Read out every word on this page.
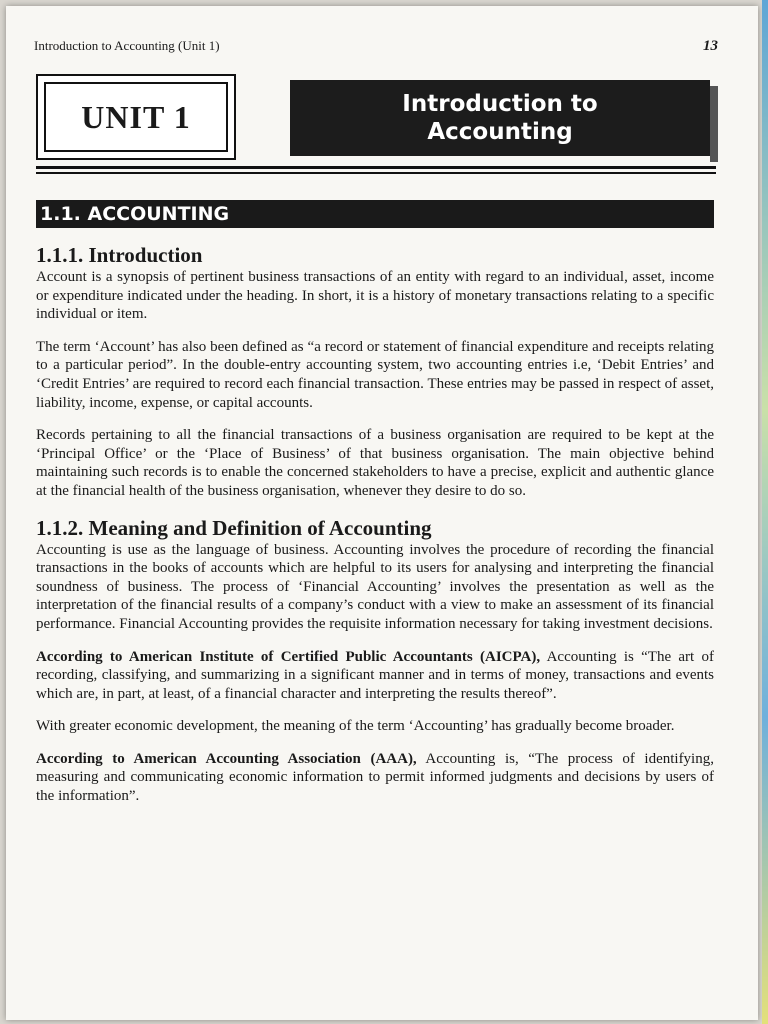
Introduction to Accounting (Unit 1)	13
UNIT 1	Introduction to
Accounting
1.1. ACCOUNTING
1.1.1. Introduction

Account is a synopsis of pertinent business transactions of an entity with regard to an individual, asset, income or expenditure indicated under the heading. In short, it is a history of monetary transactions relating to a specific individual or item.

The term ‘Account’ has also been defined as “a record or statement of financial expenditure and receipts relating to a particular period”. In the double-entry accounting system, two accounting entries i.e, ‘Debit Entries’ and ‘Credit Entries’ are required to record each financial transaction. These entries may be passed in respect of asset, liability, income, expense, or capital accounts.

Records pertaining to all the financial transactions of a business organisation are required to be kept at the ‘Principal Office’ or the ‘Place of Business’ of that business organisation. The main objective behind maintaining such records is to enable the concerned stakeholders to have a precise, explicit and authentic glance at the financial health of the business organisation, whenever they desire to do so.

1.1.2. Meaning and Definition of Accounting

Accounting is use as the language of business. Accounting involves the procedure of recording the financial transactions in the books of accounts which are helpful to its users for analysing and interpreting the financial soundness of business. The process of ‘Financial Accounting’ involves the presentation as well as the interpretation of the financial results of a company’s conduct with a view to make an assessment of its financial performance. Financial Accounting provides the requisite information necessary for taking investment decisions.

According to American Institute of Certified Public Accountants (AICPA), Accounting is “The art of recording, classifying, and summarizing in a significant manner and in terms of money, transactions and events which are, in part, at least, of a financial character and interpreting the results thereof”.

With greater economic development, the meaning of the term ‘Accounting’ has gradually become broader.

According to American Accounting Association (AAA), Accounting is, “The process of identifying, measuring and communicating economic information to permit informed judgments and decisions by users of the information”.
